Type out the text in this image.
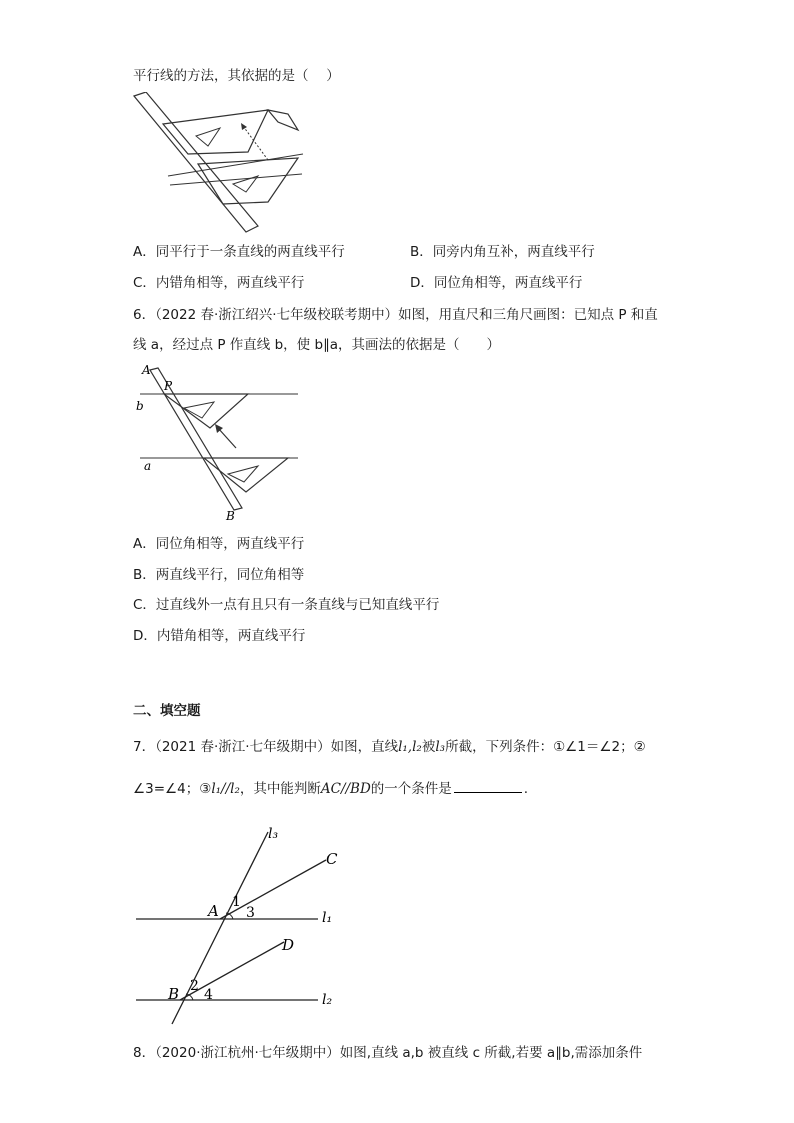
平行线的方法，其依据的是（　 ）

A．同平行于一条直线的两直线平行	B．同旁内角互补，两直线平行
C．内错角相等，两直线平行	D．同位角相等，两直线平行

6．（2022 春·浙江绍兴·七年级校联考期中）如图，用直尺和三角尺画图：已知点 P 和直

线 a，经过点 P 作直线 b，使 b∥a，其画法的依据是（　　）

A
P
b
a
B
A．同位角相等，两直线平行
B．两直线平行，同位角相等
C．过直线外一点有且只有一条直线与已知直线平行
D．内错角相等，两直线平行

二、填空题

7．（2021 春·浙江·七年级期中）如图，直线l₁,l₂被l₃所截，下列条件：①∠1＝∠2；②

∠3=∠4；③l₁//l₂，其中能判断AC//BD的一个条件是	.

l₃
C
1
A 3	l₁
D
2
B 4	l₂

8．（2020·浙江杭州·七年级期中）如图,直线 a,b 被直线 c 所截,若要 a∥b,需添加条件
